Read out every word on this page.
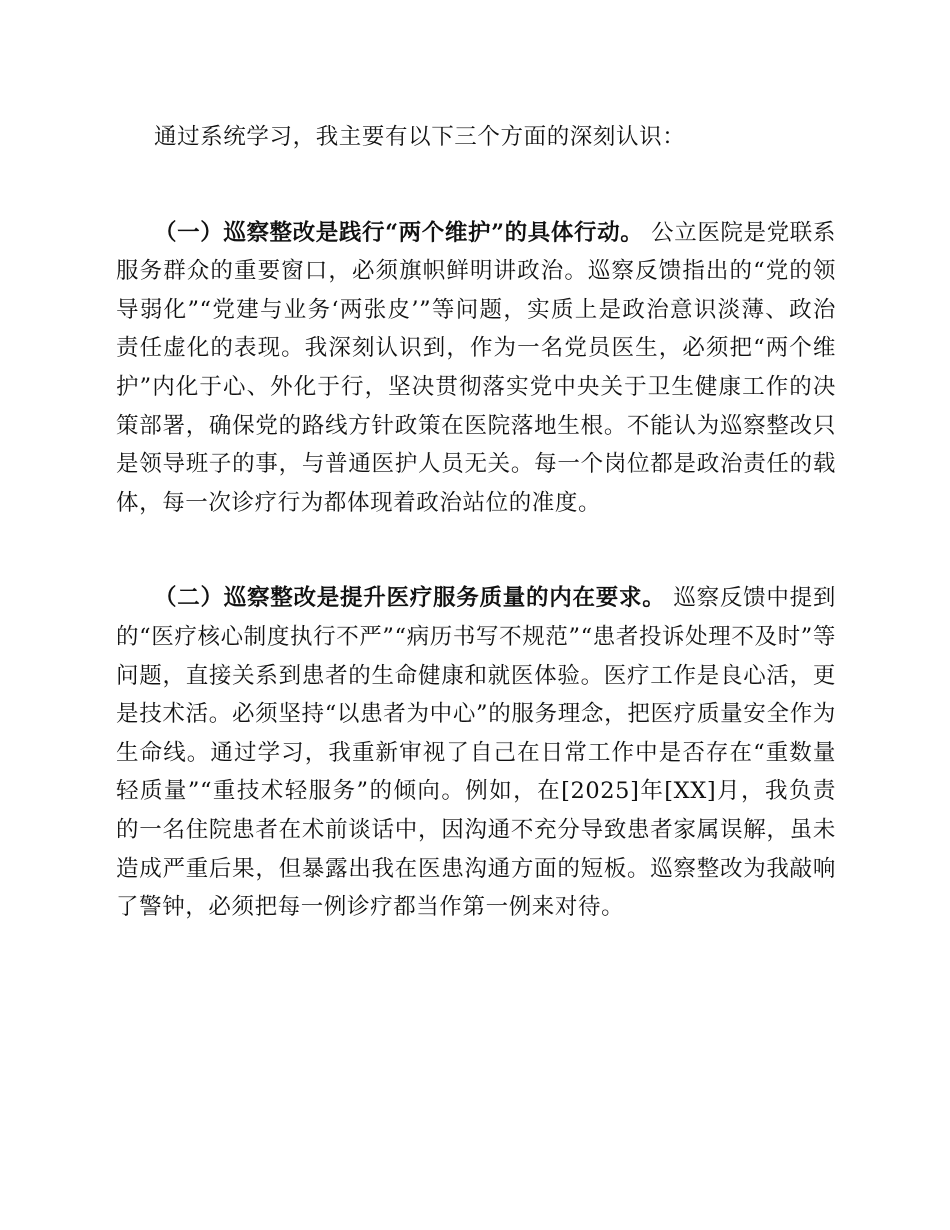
通过系统学习，我主要有以下三个方面的深刻认识：

（一）巡察整改是践行“两个维护”的具体行动。 公立医院是党联系服务群众的重要窗口，必须旗帜鲜明讲政治。巡察反馈指出的“党的领导弱化”“党建与业务‘两张皮’”等问题，实质上是政治意识淡薄、政治责任虚化的表现。我深刻认识到，作为一名党员医生，必须把“两个维护”内化于心、外化于行，坚决贯彻落实党中央关于卫生健康工作的决策部署，确保党的路线方针政策在医院落地生根。不能认为巡察整改只是领导班子的事，与普通医护人员无关。每一个岗位都是政治责任的载体，每一次诊疗行为都体现着政治站位的准度。

（二）巡察整改是提升医疗服务质量的内在要求。 巡察反馈中提到的“医疗核心制度执行不严”“病历书写不规范”“患者投诉处理不及时”等问题，直接关系到患者的生命健康和就医体验。医疗工作是良心活，更是技术活。必须坚持“以患者为中心”的服务理念，把医疗质量安全作为生命线。通过学习，我重新审视了自己在日常工作中是否存在“重数量轻质量”“重技术轻服务”的倾向。例如，在[2025]年[XX]月，我负责的一名住院患者在术前谈话中，因沟通不充分导致患者家属误解，虽未造成严重后果，但暴露出我在医患沟通方面的短板。巡察整改为我敲响了警钟，必须把每一例诊疗都当作第一例来对待。
